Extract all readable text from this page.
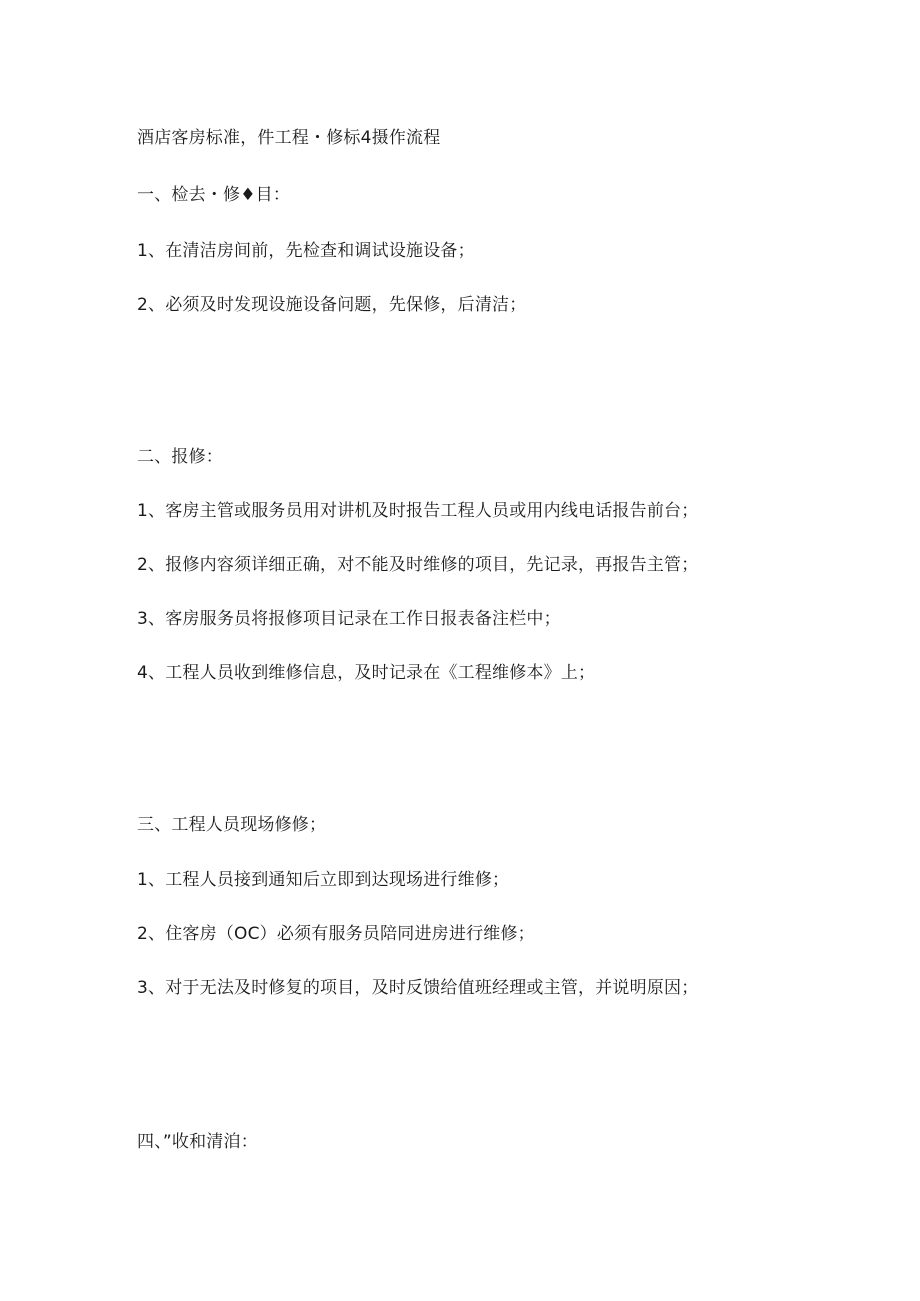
酒店客房标准，件工程・修标4摄作流程
一、检去・修♦目：
1、在清洁房间前，先检查和调试设施设备；
2、必须及时发现设施设备问题，先保修，后清洁；
二、报修：
1、客房主管或服务员用对讲机及时报告工程人员或用内线电话报告前台；
2、报修内容须详细正确，对不能及时维修的项目，先记录，再报告主管；
3、客房服务员将报修项目记录在工作日报表备注栏中；
4、工程人员收到维修信息，及时记录在《工程维修本》上；
三、工程人员现场修修；
1、工程人员接到通知后立即到达现场进行维修；
2、住客房（OC）必须有服务员陪同进房进行维修；
3、对于无法及时修复的项目，及时反馈给值班经理或主管，并说明原因；
四、”收和清洎：
